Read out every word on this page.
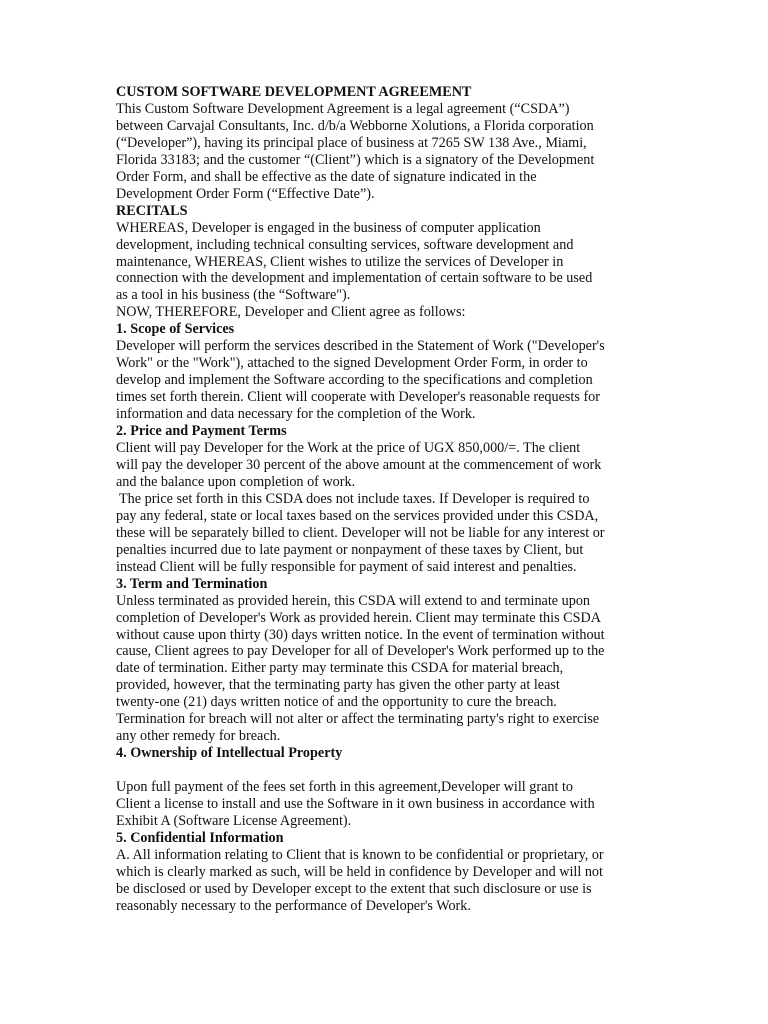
CUSTOM SOFTWARE DEVELOPMENT AGREEMENT

This Custom Software Development Agreement is a legal agreement (“CSDA”)
between Carvajal Consultants, Inc. d/b/a Webborne Xolutions, a Florida corporation
(“Developer”), having its principal place of business at 7265 SW 138 Ave., Miami,
Florida 33183; and the customer “(Client”) which is a signatory of the Development
Order Form, and shall be effective as the date of signature indicated in the
Development Order Form (“Effective Date”).

RECITALS

WHEREAS, Developer is engaged in the business of computer application
development, including technical consulting services, software development and
maintenance, WHEREAS, Client wishes to utilize the services of Developer in
connection with the development and implementation of certain software to be used
as a tool in his business (the “Software").

NOW, THEREFORE, Developer and Client agree as follows:

1. Scope of Services

Developer will perform the services described in the Statement of Work ("Developer's
Work" or the "Work"), attached to the signed Development Order Form, in order to
develop and implement the Software according to the specifications and completion
times set forth therein. Client will cooperate with Developer's reasonable requests for
information and data necessary for the completion of the Work.

2. Price and Payment Terms

Client will pay Developer for the Work at the price of UGX 850,000/=. The client
will pay the developer 30 percent of the above amount at the commencement of work
and the balance upon completion of work.

The price set forth in this CSDA does not include taxes. If Developer is required to
pay any federal, state or local taxes based on the services provided under this CSDA,
these will be separately billed to client. Developer will not be liable for any interest or
penalties incurred due to late payment or nonpayment of these taxes by Client, but
instead Client will be fully responsible for payment of said interest and penalties.

3. Term and Termination

Unless terminated as provided herein, this CSDA will extend to and terminate upon
completion of Developer's Work as provided herein. Client may terminate this CSDA
without cause upon thirty (30) days written notice. In the event of termination without
cause, Client agrees to pay Developer for all of Developer's Work performed up to the
date of termination. Either party may terminate this CSDA for material breach,
provided, however, that the terminating party has given the other party at least
twenty-one (21) days written notice of and the opportunity to cure the breach.
Termination for breach will not alter or affect the terminating party's right to exercise
any other remedy for breach.

4. Ownership of Intellectual Property

Upon full payment of the fees set forth in this agreement,Developer will grant to
Client a license to install and use the Software in it own business in accordance with
Exhibit A (Software License Agreement).

5. Confidential Information

A. All information relating to Client that is known to be confidential or proprietary, or
which is clearly marked as such, will be held in confidence by Developer and will not
be disclosed or used by Developer except to the extent that such disclosure or use is
reasonably necessary to the performance of Developer's Work.
